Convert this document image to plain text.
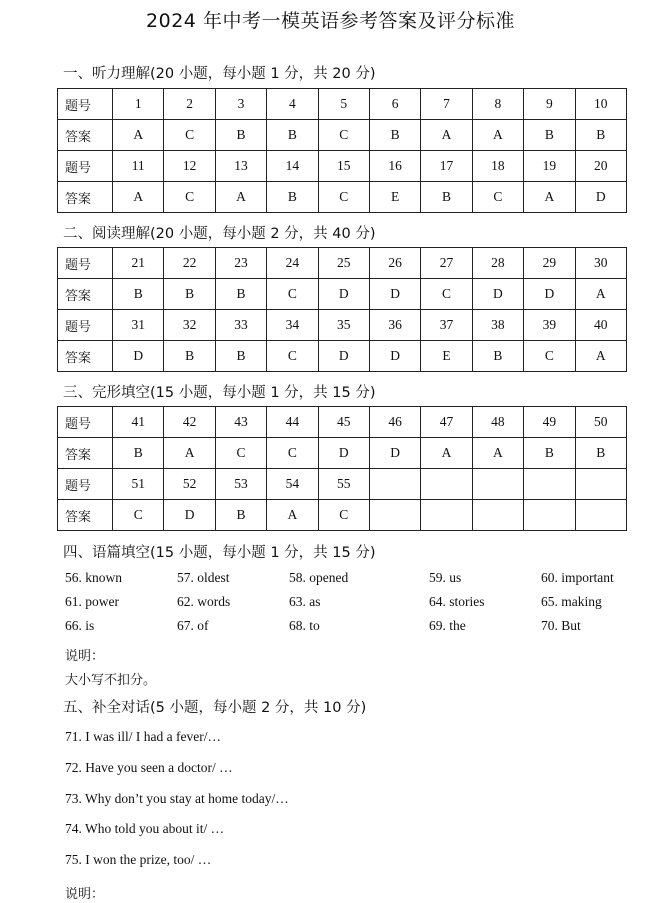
2024 年中考一模英语参考答案及评分标准
一、听力理解(20 小题，每小题 1 分，共 20 分)
题号	1	2	3	4	5	6	7	8	9	10
答案	A	C	B	B	C	B	A	A	B	B
题号	11	12	13	14	15	16	17	18	19	20
答案	A	C	A	B	C	E	B	C	A	D
二、阅读理解(20 小题，每小题 2 分，共 40 分)
题号	21	22	23	24	25	26	27	28	29	30
答案	B	B	B	C	D	D	C	D	D	A
题号	31	32	33	34	35	36	37	38	39	40
答案	D	B	B	C	D	D	E	B	C	A
三、完形填空(15 小题，每小题 1 分，共 15 分)
题号	41	42	43	44	45	46	47	48	49	50
答案	B	A	C	C	D	D	A	A	B	B
题号	51	52	53	54	55					
答案	C	D	B	A	C					
四、语篇填空(15 小题，每小题 1 分，共 15 分)
56. known	57. oldest	58. opened	59. us	60. important
61. power	62. words	63. as	64. stories	65. making
66. is	67. of	68. to	69. the	70. But
说明：
大小写不扣分。
五、补全对话(5 小题，每小题 2 分，共 10 分)
71. I was ill/ I had a fever/…
72. Have you seen a doctor/ …
73. Why don’t you stay at home today/…
74. Who told you about it/ …
75. I won the prize, too/ …
说明：
